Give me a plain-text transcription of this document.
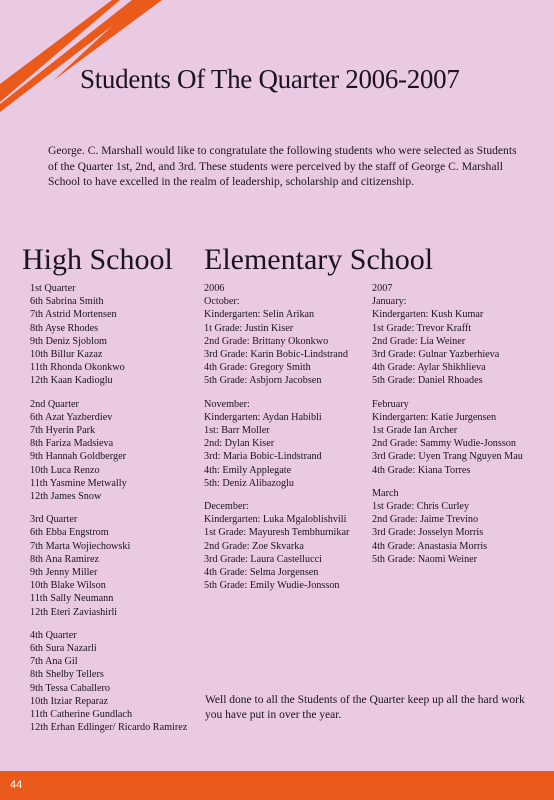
Students Of The Quarter 2006-2007
George. C. Marshall would like to congratulate the following students who were selected as Students of the Quarter 1st, 2nd, and 3rd. These students were perceived by the staff of George C. Marshall School to have excelled in the realm of leadership, scholarship and citizenship.
High School Elementary School
1st Quarter
6th Sabrina Smith
7th Astrid Mortensen
8th Ayse Rhodes
9th Deniz Sjoblom
10th Billur Kazaz
11th Rhonda Okonkwo
12th Kaan Kadioglu
2nd Quarter
6th Azat Yazberdiev
7th Hyerin Park
8th Fariza Madsieva
9th Hannah Goldberger
10th Luca Renzo
11th Yasmine Metwally
12th James Snow
3rd Quarter
6th Ebba Engstrom
7th Marta Wojiechowski
8th Ana Ramirez
9th Jenny Miller
10th Blake Wilson
11th Sally Neumann
12th Eteri Zaviashirli
4th Quarter
6th Sura Nazarli
7th Ana Gil
8th Shelby Tellers
9th Tessa Caballero
10th Itziar Reparaz
11th Catherine Gundlach
12th Erhan Edlinger/ Ricardo Ramirez
2006
October:
Kindergarten: Selin Arikan
1t Grade: Justin Kiser
2nd Grade: Brittany Okonkwo
3rd Grade: Karin Bobic-Lindstrand
4th Grade: Gregory Smith
5th Grade: Asbjorn Jacobsen
November:
Kindergarten: Aydan Habibli
1st: Barr Moller
2nd: Dylan Kiser
3rd: Maria Bobic-Lindstrand
4th: Emily Applegate
5th: Deniz Alibazoglu
December:
Kindergarten: Luka Mgaloblishvili
1st Grade: Mayuresh Tembhurnikar
2nd Grade: Zoe Skvarka
3rd Grade: Laura Castellucci
4th Grade: Selma Jorgensen
5th Grade: Emily Wudie-Jonsson
2007
January:
Kindergarten: Kush Kumar
1st Grade: Trevor Krafft
2nd Grade: Lia Weiner
3rd Grade: Gulnar Yazberhieva
4th Grade: Aylar Shikhlieva
5th Grade: Daniel Rhoades
February
Kindergarten: Katie Jurgensen
1st Grade Ian Archer
2nd Grade: Sammy Wudie-Jonsson
3rd Grade: Uyen Trang Nguyen Mau
4th Grade: Kiana Torres
March
1st Grade: Chris Curley
2nd Grade: Jaime Trevino
3rd Grade: Josselyn Morris
4th Grade: Anastasia Morris
5th Grade: Naomi Weiner
Well done to all the Students of the Quarter keep up all the hard work you have put in over the year.
44
